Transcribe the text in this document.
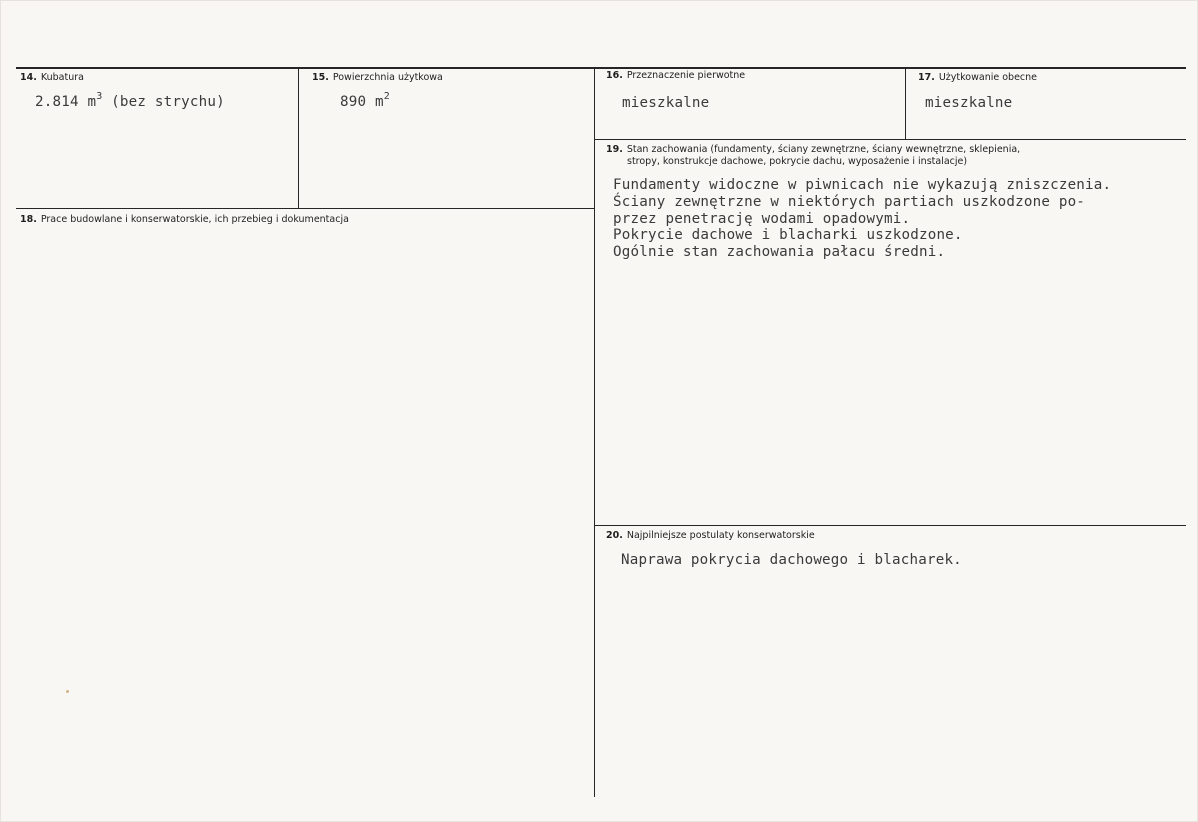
14. Kubatura
2.814 $m^3$ (bez strychu)
15. Powierzchnia użytkowa
890 $m^2$
16. Przeznaczenie pierwotne
mieszkalne
17. Użytkowanie obecne
mieszkalne
18. Prace budowlane i konserwatorskie, ich przebieg i dokumentacja
19. Stan zachowania (fundamenty, ściany zewnętrzne, ściany wewnętrzne, sklepienia,
stropy, konstrukcje dachowe, pokrycie dachu, wyposażenie i instalacje)
Fundamenty widoczne w piwnicach nie wykazują zniszczenia.
Ściany zewnętrzne w niektórych partiach uszkodzone po-
przez penetrację wodami opadowymi.
Pokrycie dachowe i blacharki uszkodzone.
Ogólnie stan zachowania pałacu średni.
20. Najpilniejsze postulaty konserwatorskie
Naprawa pokrycia dachowego i blacharek.
